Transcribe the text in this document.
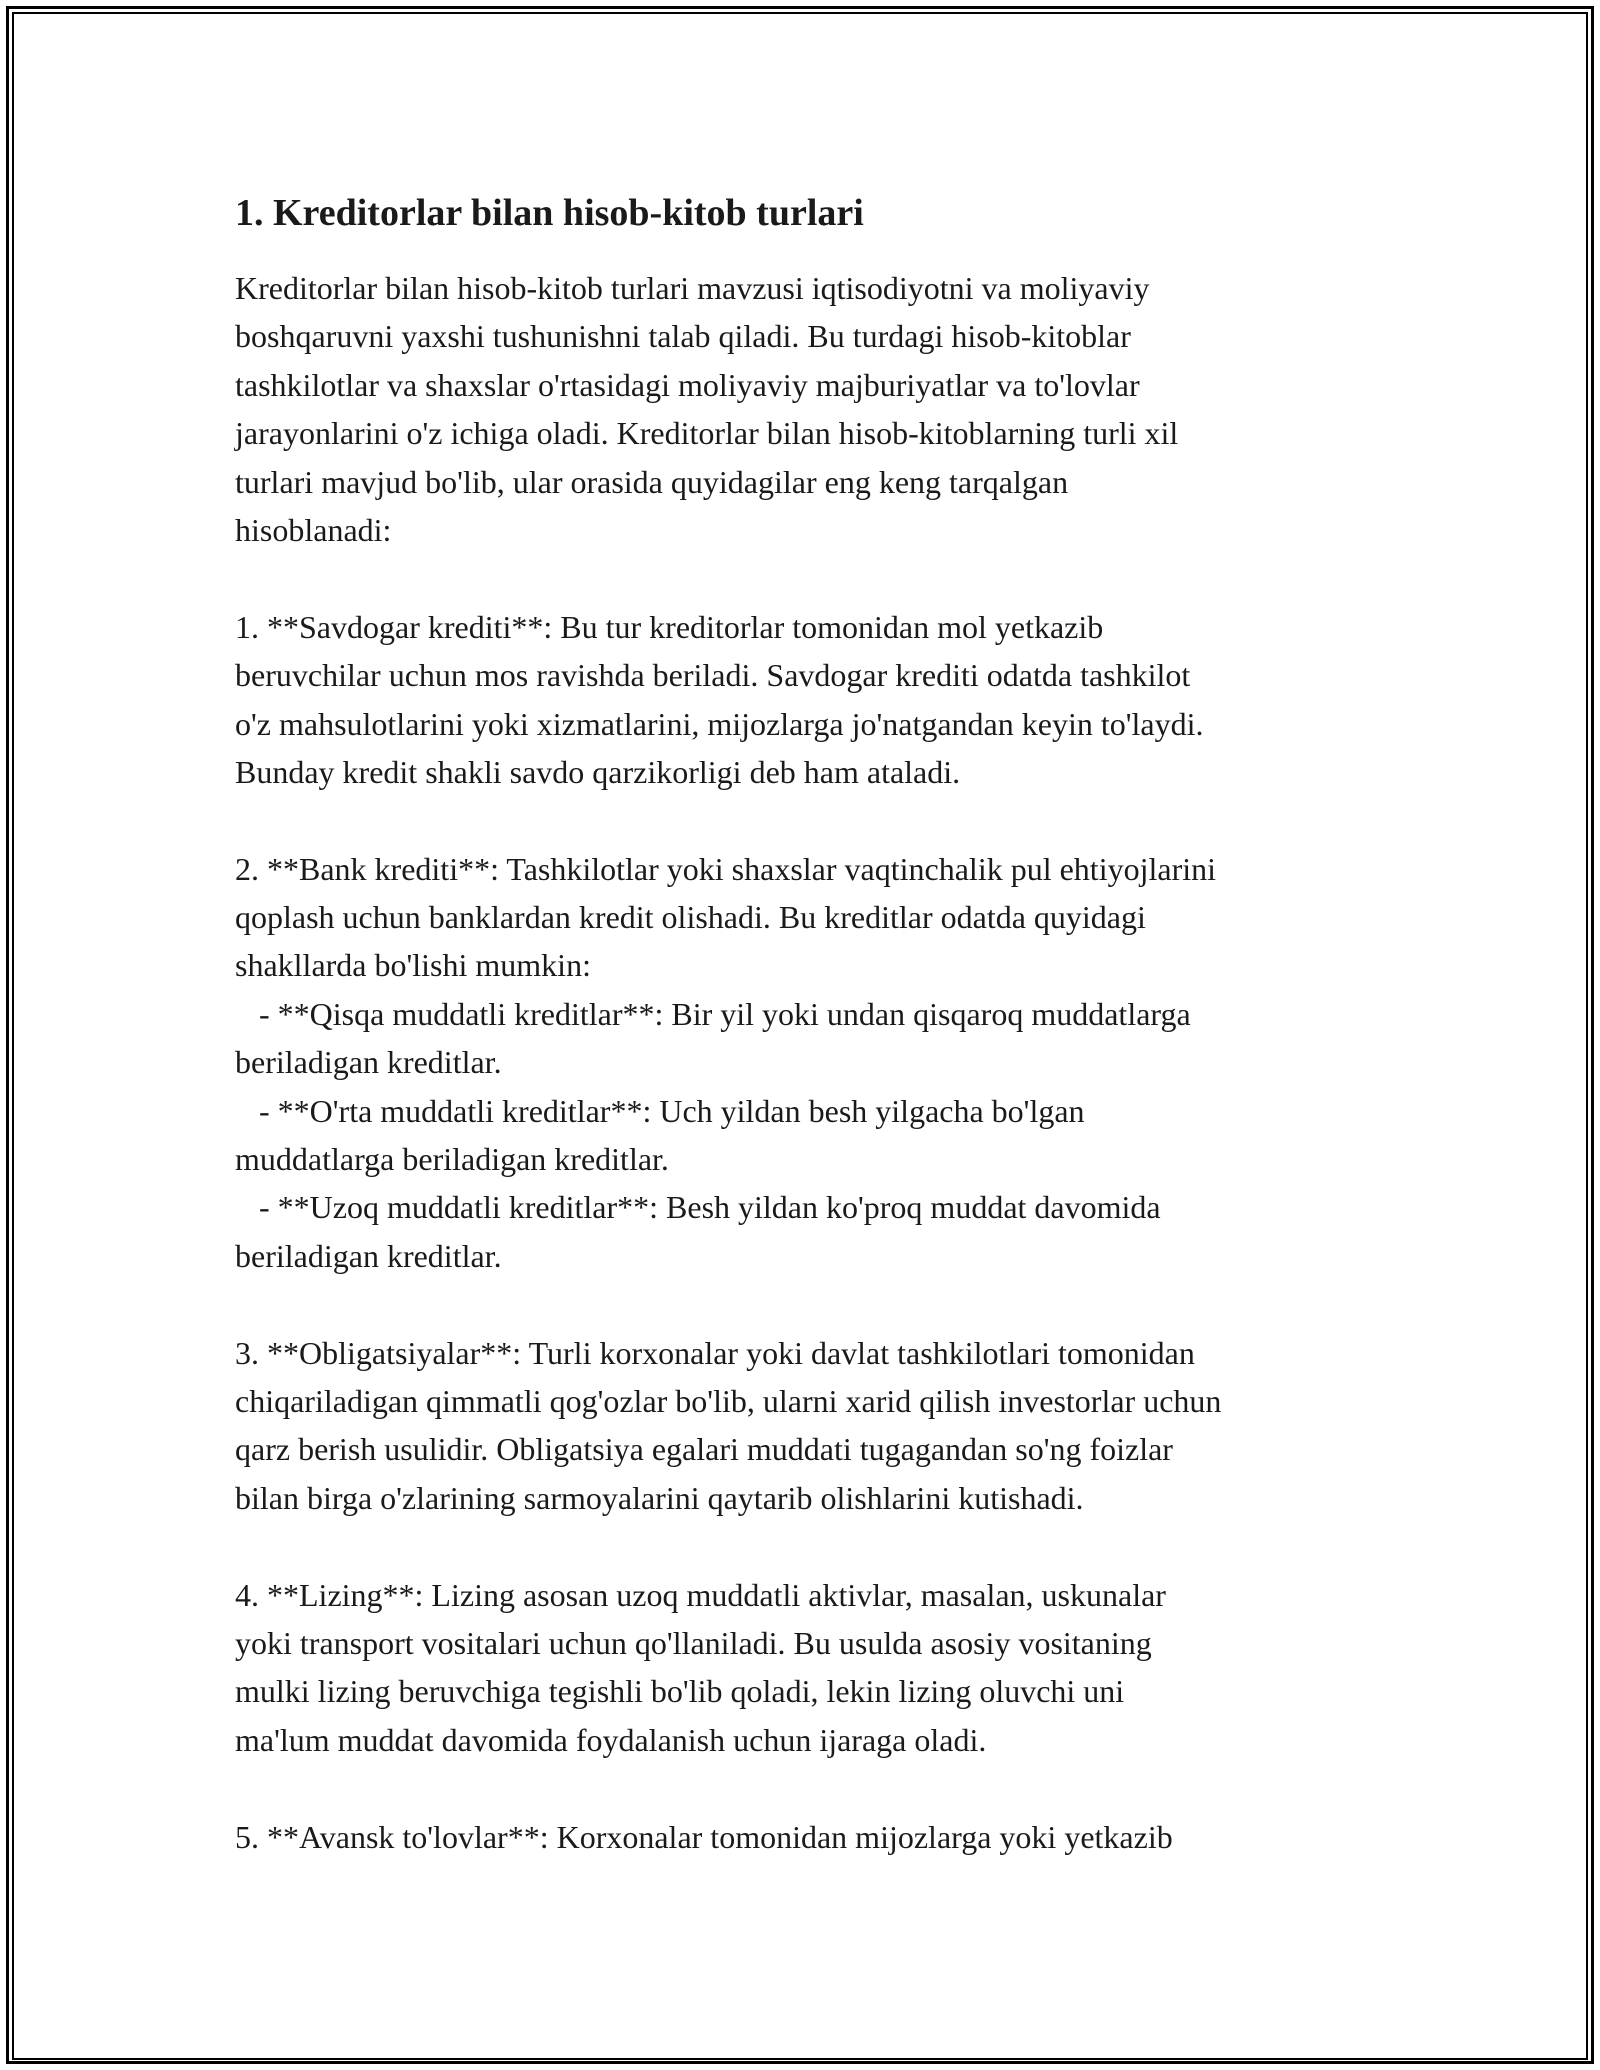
1. Kreditorlar bilan hisob-kitob turlari
Kreditorlar bilan hisob-kitob turlari mavzusi iqtisodiyotni va moliyaviy
boshqaruvni yaxshi tushunishni talab qiladi. Bu turdagi hisob-kitoblar
tashkilotlar va shaxslar o'rtasidagi moliyaviy majburiyatlar va to'lovlar
jarayonlarini o'z ichiga oladi. Kreditorlar bilan hisob-kitoblarning turli xil
turlari mavjud bo'lib, ular orasida quyidagilar eng keng tarqalgan
hisoblanadi:
1. **Savdogar krediti**: Bu tur kreditorlar tomonidan mol yetkazib
beruvchilar uchun mos ravishda beriladi. Savdogar krediti odatda tashkilot
o'z mahsulotlarini yoki xizmatlarini, mijozlarga jo'natgandan keyin to'laydi.
Bunday kredit shakli savdo qarzikorligi deb ham ataladi.
2. **Bank krediti**: Tashkilotlar yoki shaxslar vaqtinchalik pul ehtiyojlarini
qoplash uchun banklardan kredit olishadi. Bu kreditlar odatda quyidagi
shakllarda bo'lishi mumkin:
- **Qisqa muddatli kreditlar**: Bir yil yoki undan qisqaroq muddatlarga
beriladigan kreditlar.
- **O'rta muddatli kreditlar**: Uch yildan besh yilgacha bo'lgan
muddatlarga beriladigan kreditlar.
- **Uzoq muddatli kreditlar**: Besh yildan ko'proq muddat davomida
beriladigan kreditlar.
3. **Obligatsiyalar**: Turli korxonalar yoki davlat tashkilotlari tomonidan
chiqariladigan qimmatli qog'ozlar bo'lib, ularni xarid qilish investorlar uchun
qarz berish usulidir. Obligatsiya egalari muddati tugagandan so'ng foizlar
bilan birga o'zlarining sarmoyalarini qaytarib olishlarini kutishadi.
4. **Lizing**: Lizing asosan uzoq muddatli aktivlar, masalan, uskunalar
yoki transport vositalari uchun qo'llaniladi. Bu usulda asosiy vositaning
mulki lizing beruvchiga tegishli bo'lib qoladi, lekin lizing oluvchi uni
ma'lum muddat davomida foydalanish uchun ijaraga oladi.
5. **Avansk to'lovlar**: Korxonalar tomonidan mijozlarga yoki yetkazib
